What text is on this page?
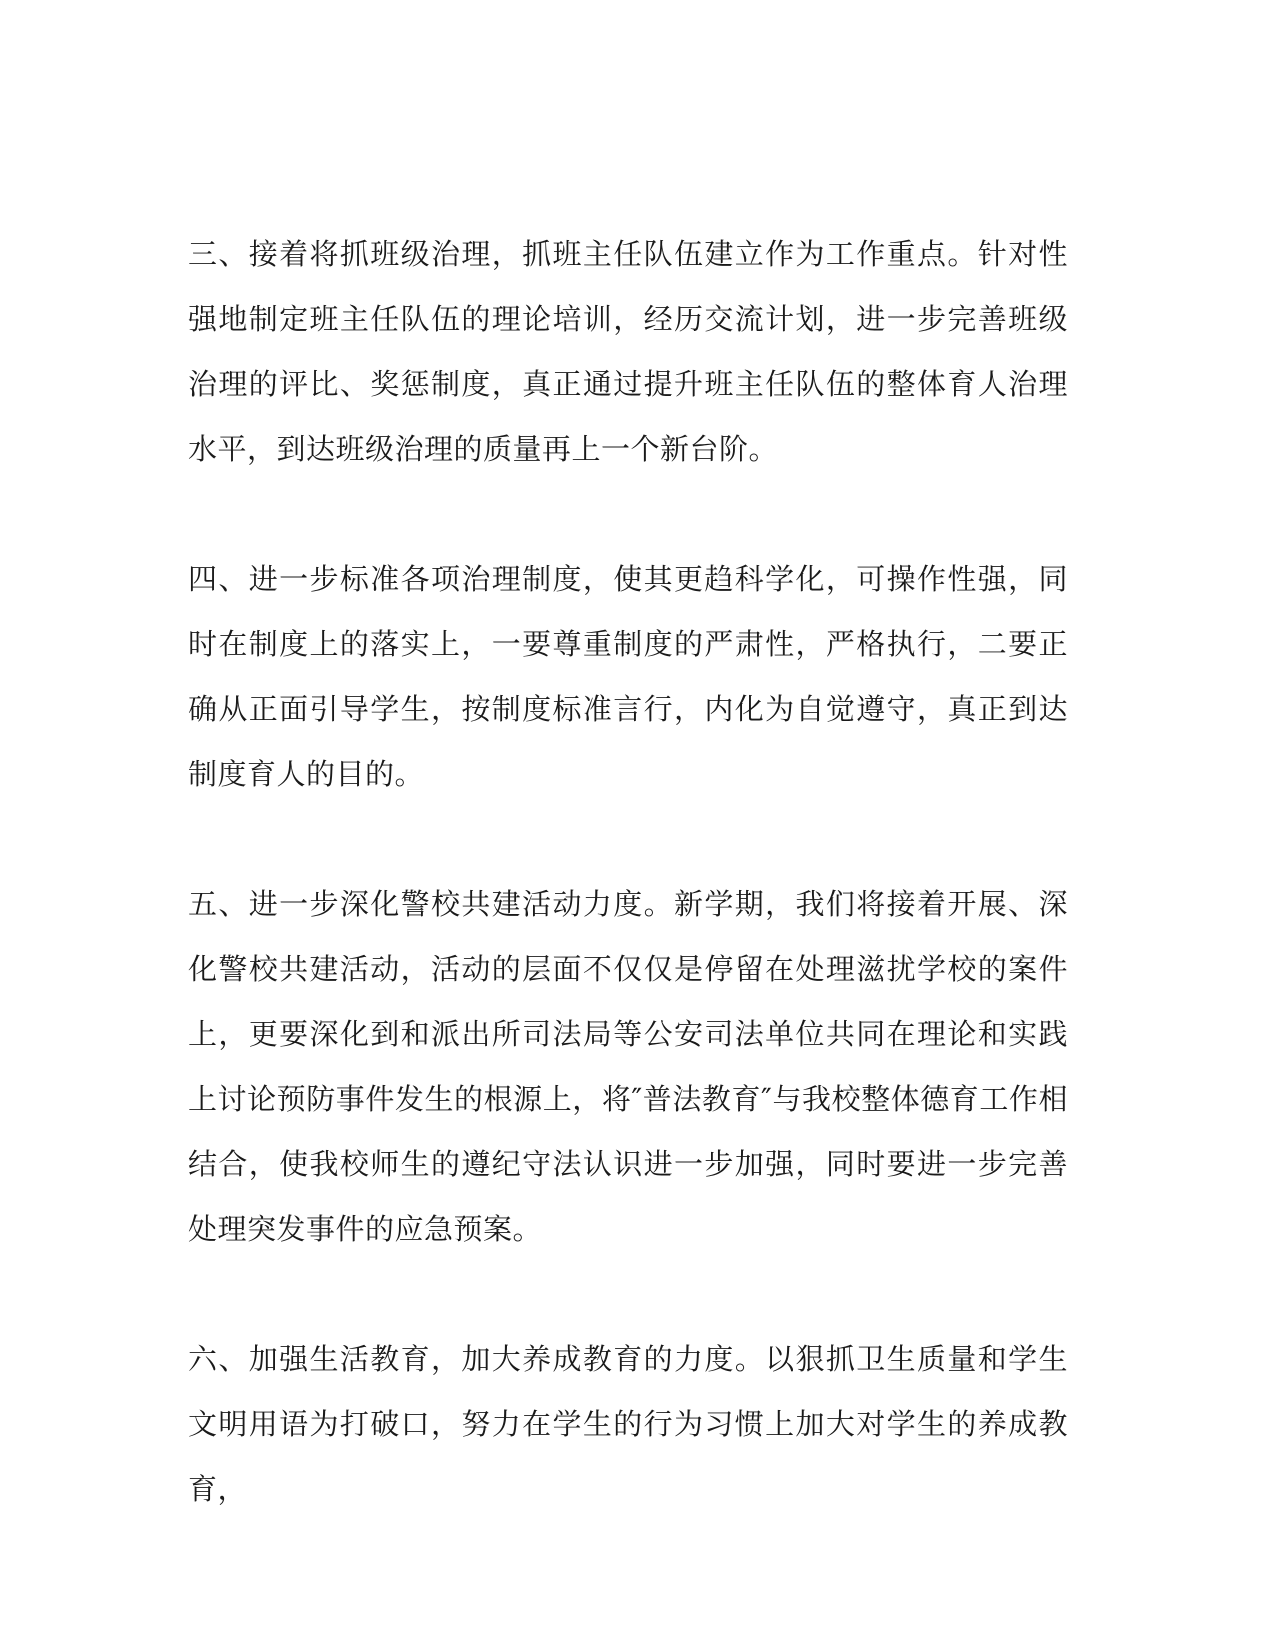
三、接着将抓班级治理，抓班主任队伍建立作为工作重点。针对性强地制定班主任队伍的理论培训，经历交流计划，进一步完善班级治理的评比、奖惩制度，真正通过提升班主任队伍的整体育人治理水平，到达班级治理的质量再上一个新台阶。

四、进一步标准各项治理制度，使其更趋科学化，可操作性强，同时在制度上的落实上，一要尊重制度的严肃性，严格执行，二要正确从正面引导学生，按制度标准言行，内化为自觉遵守，真正到达制度育人的目的。

五、进一步深化警校共建活动力度。新学期，我们将接着开展、深化警校共建活动，活动的层面不仅仅是停留在处理滋扰学校的案件上，更要深化到和派出所司法局等公安司法单位共同在理论和实践上讨论预防事件发生的根源上，将″普法教育″与我校整体德育工作相结合，使我校师生的遵纪守法认识进一步加强，同时要进一步完善处理突发事件的应急预案。

六、加强生活教育，加大养成教育的力度。以狠抓卫生质量和学生文明用语为打破口，努力在学生的行为习惯上加大对学生的养成教育，
